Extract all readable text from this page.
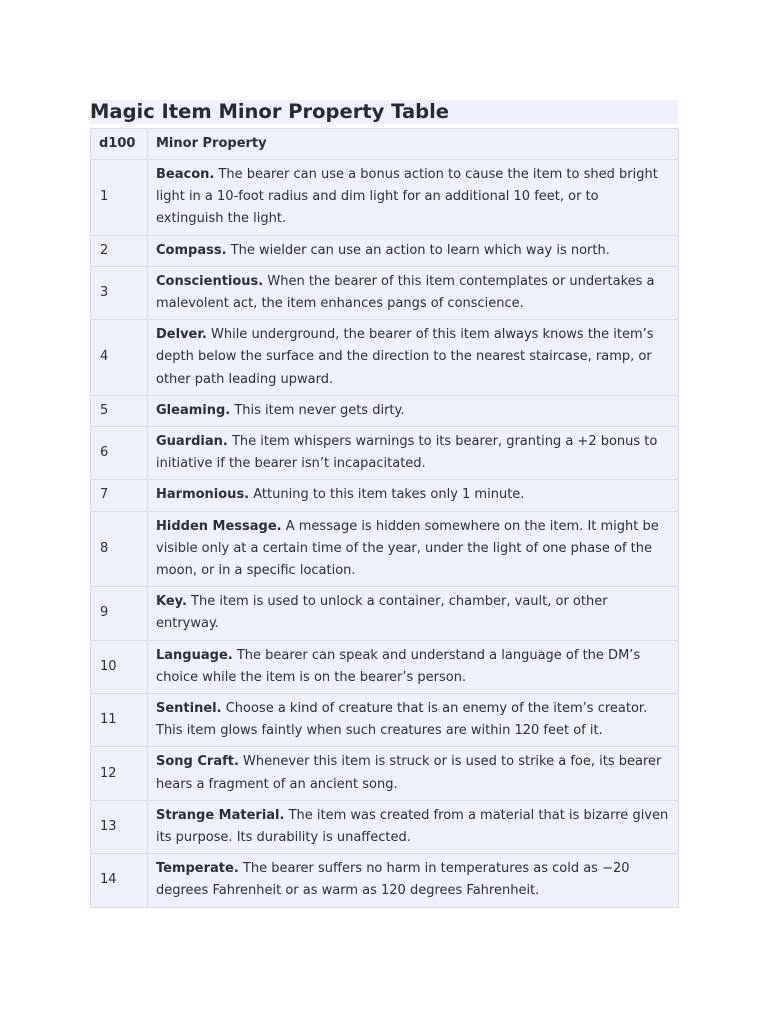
Magic Item Minor Property Table
d100	Minor Property
1	Beacon. The bearer can use a bonus action to cause the item to shed bright light in a 10-foot radius and dim light for an additional 10 feet, or to extinguish the light.
2	Compass. The wielder can use an action to learn which way is north.
3	Conscientious. When the bearer of this item contemplates or undertakes a malevolent act, the item enhances pangs of conscience.
4	Delver. While underground, the bearer of this item always knows the item’s depth below the surface and the direction to the nearest staircase, ramp, or other path leading upward.
5	Gleaming. This item never gets dirty.
6	Guardian. The item whispers warnings to its bearer, granting a +2 bonus to initiative if the bearer isn’t incapacitated.
7	Harmonious. Attuning to this item takes only 1 minute.
8	Hidden Message. A message is hidden somewhere on the item. It might be visible only at a certain time of the year, under the light of one phase of the moon, or in a specific location.
9	Key. The item is used to unlock a container, chamber, vault, or other entryway.
10	Language. The bearer can speak and understand a language of the DM’s choice while the item is on the bearer’s person.
11	Sentinel. Choose a kind of creature that is an enemy of the item’s creator. This item glows faintly when such creatures are within 120 feet of it.
12	Song Craft. Whenever this item is struck or is used to strike a foe, its bearer hears a fragment of an ancient song.
13	Strange Material. The item was created from a material that is bizarre given its purpose. Its durability is unaffected.
14	Temperate. The bearer suffers no harm in temperatures as cold as −20 degrees Fahrenheit or as warm as 120 degrees Fahrenheit.
